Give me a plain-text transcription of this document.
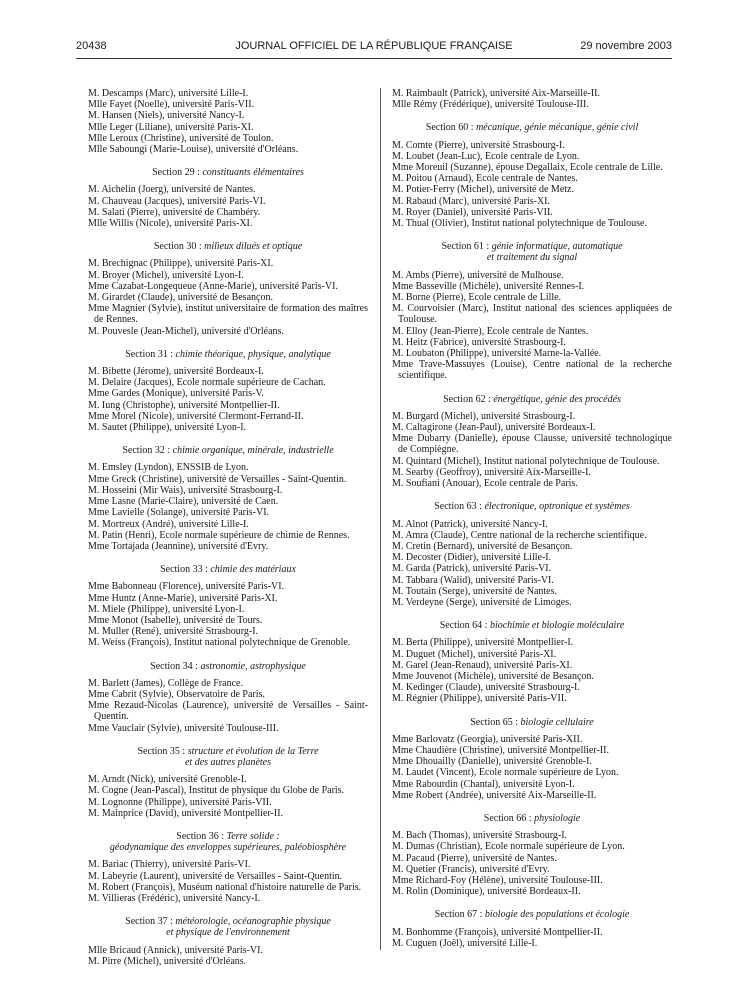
20438	JOURNAL OFFICIEL DE LA RÉPUBLIQUE FRANÇAISE	29 novembre 2003
M. Descamps (Marc), université Lille-I.
Mlle Fayet (Noelle), université Paris-VII.
M. Hansen (Niels), université Nancy-I.
Mlle Leger (Liliane), université Paris-XI.
Mlle Leroux (Christine), université de Toulon.
Mlle Saboungi (Marie-Louise), université d'Orléans.
Section 29 : constituants élémentaires
M. Aichelin (Joerg), université de Nantes.
M. Chauveau (Jacques), université Paris-VI.
M. Salati (Pierre), université de Chambéry.
Mlle Willis (Nicole), université Paris-XI.
Section 30 : milieux dilués et optique
M. Brechignac (Philippe), université Paris-XI.
M. Broyer (Michel), université Lyon-I.
Mme Cazabat-Longequeue (Anne-Marie), université Paris-VI.
M. Girardet (Claude), université de Besançon.
Mme Magnier (Sylvie), institut universitaire de formation des maîtres de Rennes.
M. Pouvesle (Jean-Michel), université d'Orléans.
Section 31 : chimie théorique, physique, analytique
M. Bibette (Jérome), université Bordeaux-I.
M. Delaire (Jacques), Ecole normale supérieure de Cachan.
Mme Gardes (Monique), université Paris-V.
M. Iung (Christophe), université Montpellier-II.
Mme Morel (Nicole), université Clermont-Ferrand-II.
M. Sautet (Philippe), université Lyon-I.
Section 32 : chimie organique, minérale, industrielle
M. Emsley (Lyndon), ENSSIB de Lyon.
Mme Greck (Christine), université de Versailles - Saint-Quentin.
M. Hosseini (Mir Wais), université Strasbourg-I.
Mme Lasne (Marie-Claire), université de Caen.
Mme Lavielle (Solange), université Paris-VI.
M. Mortreux (André), université Lille-I.
M. Patin (Henri), Ecole normale supérieure de chimie de Rennes.
Mme Tortajada (Jeannine), université d'Evry.
Section 33 : chimie des matériaux
Mme Babonneau (Florence), université Paris-VI.
Mme Huntz (Anne-Marie), université Paris-XI.
M. Miele (Philippe), université Lyon-I.
Mme Monot (Isabelle), université de Tours.
M. Muller (René), université Strasbourg-I.
M. Weiss (François), Institut national polytechnique de Grenoble.
Section 34 : astronomie, astrophysique
M. Barlett (James), Collège de France.
Mme Cabrit (Sylvie), Observatoire de Paris.
Mme Rezaud-Nicolas (Laurence), université de Versailles - Saint-Quentin.
Mme Vauclair (Sylvie), université Toulouse-III.
Section 35 : structure et évolution de la Terre
et des autres planètes
M. Arndt (Nick), université Grenoble-I.
M. Cogne (Jean-Pascal), Institut de physique du Globe de Paris.
M. Lognonne (Philippe), université Paris-VII.
M. Mainprice (David), université Montpellier-II.
Section 36 : Terre solide :
géodynamique des enveloppes supérieures, paléobiosphère
M. Bariac (Thierry), université Paris-VI.
M. Labeyrie (Laurent), université de Versailles - Saint-Quentin.
M. Robert (François), Muséum national d'histoire naturelle de Paris.
M. Villieras (Frédéric), université Nancy-I.
Section 37 : météorologie, océanographie physique
et physique de l'environnement
Mlle Bricaud (Annick), université Paris-VI.
M. Pirre (Michel), université d'Orléans.
M. Raimbault (Patrick), université Aix-Marseille-II.
Mlle Rémy (Frédérique), université Toulouse-III.
Section 60 : mécanique, génie mécanique, génie civil
M. Comte (Pierre), université Strasbourg-I.
M. Loubet (Jean-Luc), Ecole centrale de Lyon.
Mme Moreuil (Suzanne), épouse Degallaix, Ecole centrale de Lille.
M. Poitou (Arnaud), Ecole centrale de Nantes.
M. Potier-Ferry (Michel), université de Metz.
M. Rabaud (Marc), université Paris-XI.
M. Royer (Daniel), université Paris-VII.
M. Thual (Olivier), Institut national polytechnique de Toulouse.
Section 61 : génie informatique, automatique
et traitement du signal
M. Ambs (Pierre), université de Mulhouse.
Mme Basseville (Michèle), université Rennes-I.
M. Borne (Pierre), Ecole centrale de Lille.
M. Courvoisier (Marc), Institut national des sciences appliquées de Toulouse.
M. Elloy (Jean-Pierre), Ecole centrale de Nantes.
M. Heitz (Fabrice), université Strasbourg-I.
M. Loubaton (Philippe), université Marne-la-Vallée.
Mme Trave-Massuyes (Louise), Centre national de la recherche scientifique.
Section 62 : énergétique, génie des procédés
M. Burgard (Michel), université Strasbourg-I.
M. Caltagirone (Jean-Paul), université Bordeaux-I.
Mme Dubarry (Danielle), épouse Clausse, université technologique de Compiègne.
M. Quintard (Michel), Institut national polytechnique de Toulouse.
M. Searby (Geoffroy), université Aix-Marseille-I.
M. Soufiani (Anouar), Ecole centrale de Paris.
Section 63 : électronique, optronique et systèmes
M. Alnot (Patrick), université Nancy-I.
M. Amra (Claude), Centre national de la recherche scientifique.
M. Cretin (Bernard), université de Besançon.
M. Decoster (Didier), université Lille-I.
M. Garda (Patrick), université Paris-VI.
M. Tabbara (Walid), université Paris-VI.
M. Toutain (Serge), université de Nantes.
M. Verdeyne (Serge), université de Limoges.
Section 64 : biochimie et biologie moléculaire
M. Berta (Philippe), université Montpellier-I.
M. Duguet (Michel), université Paris-XI.
M. Garel (Jean-Renaud), université Paris-XI.
Mme Jouvenot (Michèle), université de Besançon.
M. Kedinger (Claude), université Strasbourg-I.
M. Régnier (Philippe), université Paris-VII.
Section 65 : biologie cellulaire
Mme Barlovatz (Georgia), université Paris-XII.
Mme Chaudière (Christine), université Montpellier-II.
Mme Dhouailly (Danielle), université Grenoble-I.
M. Laudet (Vincent), Ecole normale supérieure de Lyon.
Mme Rabourdin (Chantal), université Lyon-I.
Mme Robert (Andrée), université Aix-Marseille-II.
Section 66 : physiologie
M. Bach (Thomas), université Strasbourg-I.
M. Dumas (Christian), Ecole normale supérieure de Lyon.
M. Pacaud (Pierre), université de Nantes.
M. Quetier (Francis), université d'Evry.
Mme Richard-Foy (Hélène), université Toulouse-III.
M. Rolin (Dominique), université Bordeaux-II.
Section 67 : biologie des populations et écologie
M. Bonhomme (François), université Montpellier-II.
M. Cuguen (Joël), université Lille-I.
